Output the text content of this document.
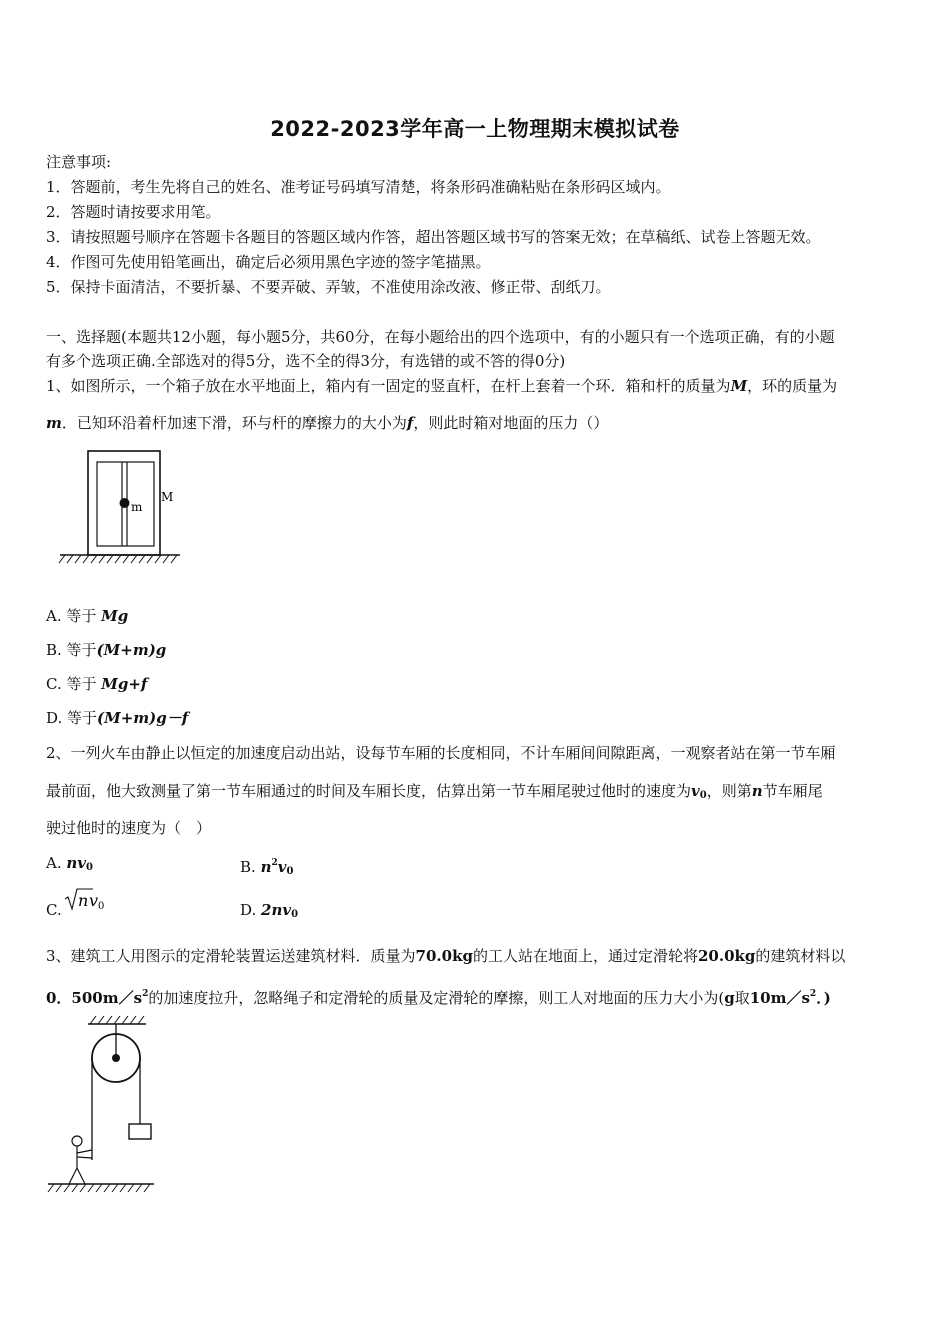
2022-2023学年高一上物理期末模拟试卷
注意事项:
1．答题前，考生先将自己的姓名、准考证号码填写清楚，将条形码准确粘贴在条形码区域内。
2．答题时请按要求用笔。
3．请按照题号顺序在答题卡各题目的答题区域内作答，超出答题区域书写的答案无效；在草稿纸、试卷上答题无效。
4．作图可先使用铅笔画出，确定后必须用黑色字迹的签字笔描黑。
5．保持卡面清洁，不要折暴、不要弄破、弄皱，不准使用涂改液、修正带、刮纸刀。
一、选择题(本题共12小题，每小题5分，共60分，在每小题给出的四个选项中，有的小题只有一个选项正确，有的小题
有多个选项正确.全部选对的得5分，选不全的得3分，有选错的或不答的得0分)
1、如图所示，一个箱子放在水平地面上，箱内有一固定的竖直杆，在杆上套着一个环．箱和杆的质量为M，环的质量为
m．已知环沿着杆加速下滑，环与杆的摩擦力的大小为f，则此时箱对地面的压力（）
m
M
A. 等于 Mg
B. 等于(M+m)g
C. 等于 Mg+f
D. 等于(M+m)g－f
2、一列火车由静止以恒定的加速度启动出站，设每节车厢的长度相同，不计车厢间间隙距离，一观察者站在第一节车厢
最前面，他大致测量了第一节车厢通过的时间及车厢长度，估算出第一节车厢尾驶过他时的速度为$v_0$，则第n节车厢尾
驶过他时的速度为（　）
A. $nv_0$	B. $n^2v_0$
C. n v 0	D. $2nv_0$
3、建筑工人用图示的定滑轮装置运送建筑材料．质量为70.0kg的工人站在地面上，通过定滑轮将20.0kg的建筑材料以
0．$500m/s^2$的加速度拉升，忽略绳子和定滑轮的质量及定滑轮的摩擦，则工人对地面的压力大小为(g取$10m/s^2$．)
